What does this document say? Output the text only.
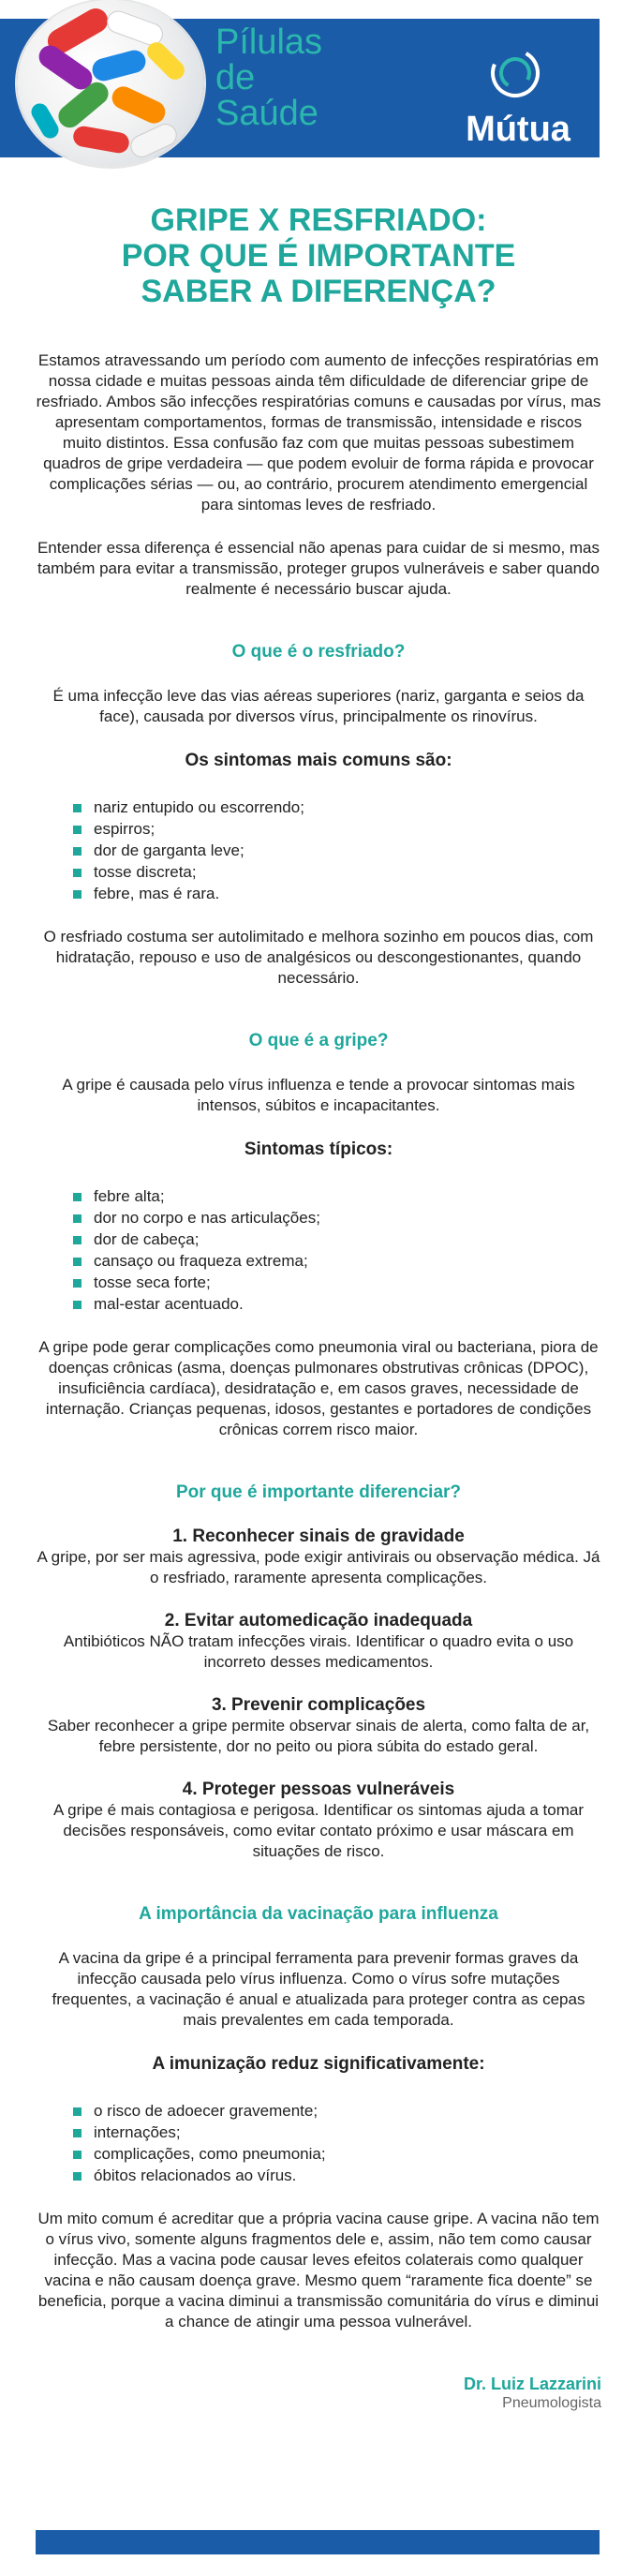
Pílulas
de
Saúde	Mútua
GRIPE X RESFRIADO:
POR QUE É IMPORTANTE
SABER A DIFERENÇA?

Estamos atravessando um período com aumento de infecções respiratórias em nossa cidade e muitas pessoas ainda têm dificuldade de diferenciar gripe de resfriado. Ambos são infecções respiratórias comuns e causadas por vírus, mas apresentam comportamentos, formas de transmissão, intensidade e riscos muito distintos. Essa confusão faz com que muitas pessoas subestimem quadros de gripe verdadeira — que podem evoluir de forma rápida e provocar complicações sérias — ou, ao contrário, procurem atendimento emergencial para sintomas leves de resfriado.

Entender essa diferença é essencial não apenas para cuidar de si mesmo, mas também para evitar a transmissão, proteger grupos vulneráveis e saber quando realmente é necessário buscar ajuda.

O que é o resfriado?

É uma infecção leve das vias aéreas superiores (nariz, garganta e seios da face), causada por diversos vírus, principalmente os rinovírus.

Os sintomas mais comuns são:
nariz entupido ou escorrendo;
espirros;
dor de garganta leve;
tosse discreta;
febre, mas é rara.

O resfriado costuma ser autolimitado e melhora sozinho em poucos dias, com hidratação, repouso e uso de analgésicos ou descongestionantes, quando necessário.

O que é a gripe?

A gripe é causada pelo vírus influenza e tende a provocar sintomas mais intensos, súbitos e incapacitantes.

Sintomas típicos:
febre alta;
dor no corpo e nas articulações;
dor de cabeça;
cansaço ou fraqueza extrema;
tosse seca forte;
mal-estar acentuado.

A gripe pode gerar complicações como pneumonia viral ou bacteriana, piora de doenças crônicas (asma, doenças pulmonares obstrutivas crônicas (DPOC), insuficiência cardíaca), desidratação e, em casos graves, necessidade de internação. Crianças pequenas, idosos, gestantes e portadores de condições crônicas correm risco maior.

Por que é importante diferenciar?
1. Reconhecer sinais de gravidade
A gripe, por ser mais agressiva, pode exigir antivirais ou observação médica. Já o resfriado, raramente apresenta complicações.
2. Evitar automedicação inadequada
Antibióticos NÃO tratam infecções virais. Identificar o quadro evita o uso incorreto desses medicamentos.
3. Prevenir complicações
Saber reconhecer a gripe permite observar sinais de alerta, como falta de ar, febre persistente, dor no peito ou piora súbita do estado geral.
4. Proteger pessoas vulneráveis
A gripe é mais contagiosa e perigosa. Identificar os sintomas ajuda a tomar decisões responsáveis, como evitar contato próximo e usar máscara em situações de risco.
A importância da vacinação para influenza

A vacina da gripe é a principal ferramenta para prevenir formas graves da infecção causada pelo vírus influenza. Como o vírus sofre mutações frequentes, a vacinação é anual e atualizada para proteger contra as cepas mais prevalentes em cada temporada.

A imunização reduz significativamente:
o risco de adoecer gravemente;
internações;
complicações, como pneumonia;
óbitos relacionados ao vírus.

Um mito comum é acreditar que a própria vacina cause gripe. A vacina não tem o vírus vivo, somente alguns fragmentos dele e, assim, não tem como causar infecção. Mas a vacina pode causar leves efeitos colaterais como qualquer vacina e não causam doença grave. Mesmo quem “raramente fica doente” se beneficia, porque a vacina diminui a transmissão comunitária do vírus e diminui a chance de atingir uma pessoa vulnerável.

Dr. Luiz Lazzarini
Pneumologista
